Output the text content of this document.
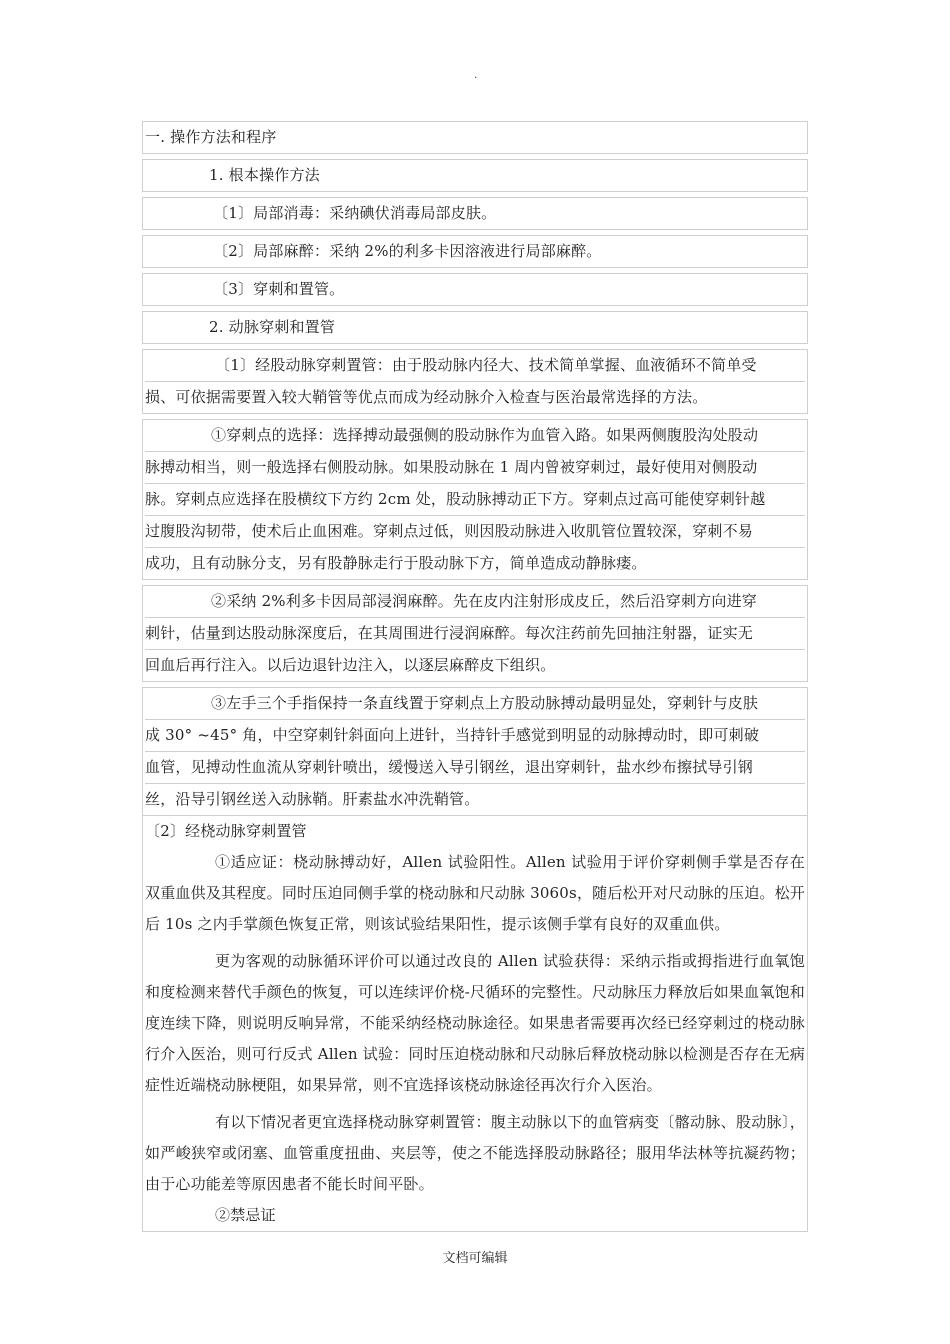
.
一. 操作方法和程序
1. 根本操作方法
〔1〕局部消毒：采纳碘伏消毒局部皮肤。
〔2〕局部麻醉：采纳 2%的利多卡因溶液进行局部麻醉。
〔3〕穿刺和置管。
2. 动脉穿刺和置管
〔1〕经股动脉穿刺置管：由于股动脉内径大、技术简单掌握、血液循环不简单受
损、可依据需要置入较大鞘管等优点而成为经动脉介入检查与医治最常选择的方法。
①穿刺点的选择：选择搏动最强侧的股动脉作为血管入路。如果两侧腹股沟处股动
脉搏动相当，则一般选择右侧股动脉。如果股动脉在 1 周内曾被穿刺过，最好使用对侧股动
脉。穿刺点应选择在股横纹下方约 2cm 处，股动脉搏动正下方。穿刺点过高可能使穿刺针越
过腹股沟韧带，使术后止血困难。穿刺点过低，则因股动脉进入收肌管位置较深，穿刺不易
成功，且有动脉分支，另有股静脉走行于股动脉下方，简单造成动静脉瘘。
②采纳 2%利多卡因局部浸润麻醉。先在皮内注射形成皮丘，然后沿穿刺方向进穿
刺针，估量到达股动脉深度后，在其周围进行浸润麻醉。每次注药前先回抽注射器，证实无
回血后再行注入。以后边退针边注入，以逐层麻醉皮下组织。
③左手三个手指保持一条直线置于穿刺点上方股动脉搏动最明显处，穿刺针与皮肤
成 30° ~45° 角，中空穿刺针斜面向上进针，当持针手感觉到明显的动脉搏动时，即可刺破
血管，见搏动性血流从穿刺针喷出，缓慢送入导引钢丝，退出穿刺针，盐水纱布擦拭导引钢
丝，沿导引钢丝送入动脉鞘。肝素盐水冲洗鞘管。

〔2〕经桡动脉穿刺置管

①适应证：桡动脉搏动好，Allen 试验阳性。Allen 试验用于评价穿刺侧手掌是否存在双重血供及其程度。同时压迫同侧手掌的桡动脉和尺动脉 3060s，随后松开对尺动脉的压迫。松开后 10s 之内手掌颜色恢复正常，则该试验结果阳性，提示该侧手掌有良好的双重血供。

更为客观的动脉循环评价可以通过改良的 Allen 试验获得：采纳示指或拇指进行血氧饱和度检测来替代手颜色的恢复，可以连续评价桡-尺循环的完整性。尺动脉压力释放后如果血氧饱和度连续下降，则说明反响异常，不能采纳经桡动脉途径。如果患者需要再次经已经穿刺过的桡动脉行介入医治，则可行反式 Allen 试验：同时压迫桡动脉和尺动脉后释放桡动脉以检测是否存在无病症性近端桡动脉梗阻，如果异常，则不宜选择该桡动脉途径再次行介入医治。

有以下情况者更宜选择桡动脉穿刺置管：腹主动脉以下的血管病变〔髂动脉、股动脉〕，如严峻狭窄或闭塞、血管重度扭曲、夹层等，使之不能选择股动脉路径；服用华法林等抗凝药物；由于心功能差等原因患者不能长时间平卧。

②禁忌证

文档可编辑
